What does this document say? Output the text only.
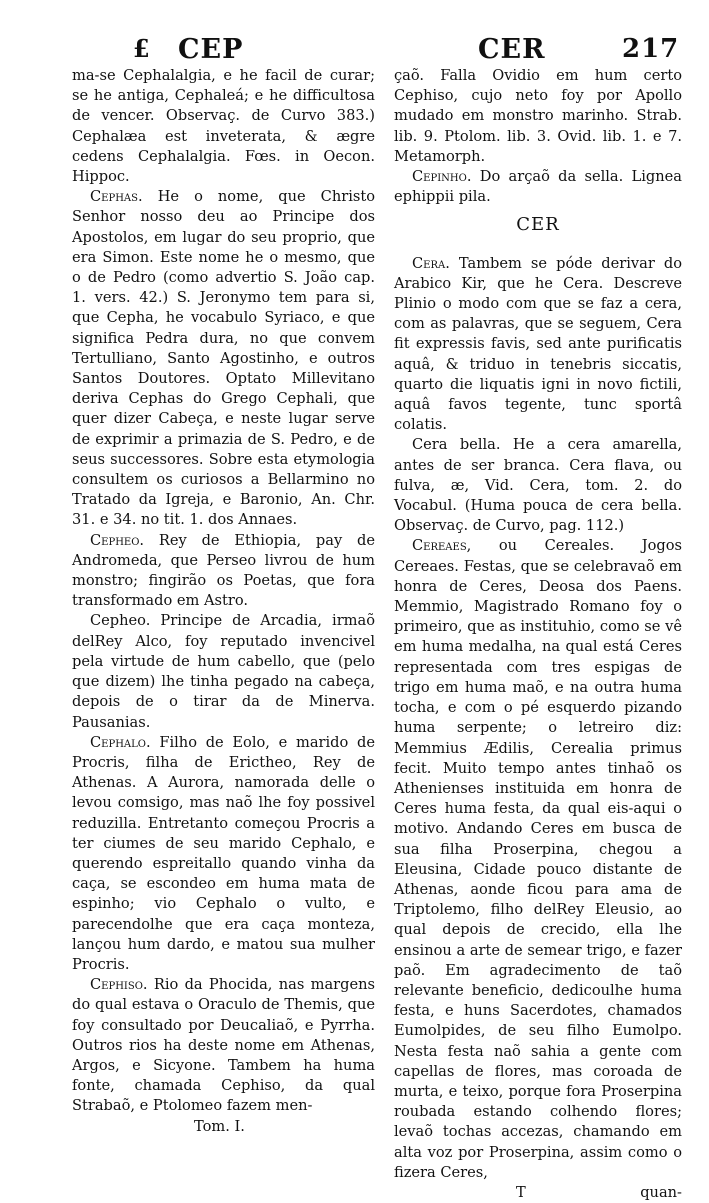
£ CEP	CER	217

ma-se Cephalalgia, e he facil de curar; se he antiga, Cephaleá; e he difficultosa de vencer. Observaç. de Curvo 383.) Cephalæa est inveterata, & ægre cedens Cephalalgia. Fœs. in Oecon. Hippoc.

Cephas. He o nome, que Christo Senhor nosso deu ao Principe dos Apostolos, em lugar do seu proprio, que era Simon. Este nome he o mesmo, que o de Pedro (como advertio S. João cap. 1. vers. 42.) S. Jeronymo tem para si, que Cepha, he vocabulo Syriaco, e que significa Pedra dura, no que convem Tertulliano, Santo Agostinho, e outros Santos Doutores. Optato Millevitano deriva Cephas do Grego Cephali, que quer dizer Cabeça, e neste lugar serve de exprimir a primazia de S. Pedro, e de seus successores. Sobre esta etymologia consultem os curiosos a Bellarmino no Tratado da Igreja, e Baronio, An. Chr. 31. e 34. no tit. 1. dos Annaes.

Cepheo. Rey de Ethiopia, pay de Andromeda, que Perseo livrou de hum monstro; fingirão os Poetas, que fora transformado em Astro.

Cepheo. Principe de Arcadia, irmaõ delRey Alco, foy reputado invencivel pela virtude de hum cabello, que (pelo que dizem) lhe tinha pegado na cabeça, depois de o tirar da de Minerva. Pausanias.

Cephalo. Filho de Eolo, e marido de Procris, filha de Erictheo, Rey de Athenas. A Aurora, namorada delle o levou comsigo, mas naõ lhe foy possivel reduzilla. Entretanto começou Procris a ter ciumes de seu marido Cephalo, e querendo espreitallo quando vinha da caça, se escondeo em huma mata de espinho; vio Cephalo o vulto, e parecendolhe que era caça monteza, lançou hum dardo, e matou sua mulher Procris.

Cephiso. Rio da Phocida, nas margens do qual estava o Oraculo de Themis, que foy consultado por Deucaliaõ, e Pyrrha. Outros rios ha deste nome em Athenas, Argos, e Sicyone. Tambem ha huma fonte, chamada Cephiso, da qual Strabaõ, e Ptolomeo fazem men-

Tom. I.

çaõ. Falla Ovidio em hum certo Cephiso, cujo neto foy por Apollo mudado em monstro marinho. Strab. lib. 9. Ptolom. lib. 3. Ovid. lib. 1. e 7. Metamorph.

Cepinho. Do arçaõ da sella. Lignea ephippii pila.

CER

Cera. Tambem se póde derivar do Arabico Kir, que he Cera. Descreve Plinio o modo com que se faz a cera, com as palavras, que se seguem, Cera fit expressis favis, sed ante purificatis aquâ, & triduo in tenebris siccatis, quarto die liquatis igni in novo fictili, aquâ favos tegente, tunc sportâ colatis.

Cera bella. He a cera amarella, antes de ser branca. Cera flava, ou fulva, æ, Vid. Cera, tom. 2. do Vocabul. (Huma pouca de cera bella. Observaç. de Curvo, pag. 112.)

Cereaes, ou Cereales. Jogos Cereaes. Festas, que se celebravaõ em honra de Ceres, Deosa dos Paens. Memmio, Magistrado Romano foy o primeiro, que as instituhio, como se vê em huma medalha, na qual está Ceres representada com tres espigas de trigo em huma maõ, e na outra huma tocha, e com o pé esquerdo pizando huma serpente; o letreiro diz: Memmius Ædilis, Cerealia primus fecit. Muito tempo antes tinhaõ os Athenienses instituida em honra de Ceres huma festa, da qual eis-aqui o motivo. Andando Ceres em busca de sua filha Proserpina, chegou a Eleusina, Cidade pouco distante de Athenas, aonde ficou para ama de Triptolemo, filho delRey Eleusio, ao qual depois de crecido, ella lhe ensinou a arte de semear trigo, e fazer paõ. Em agradecimento de taõ relevante beneficio, dedicoulhe huma festa, e huns Sacerdotes, chamados Eumolpides, de seu filho Eumolpo. Nesta festa naõ sahia a gente com capellas de flores, mas coroada de murta, e teixo, porque fora Proserpina roubada estando colhendo flores; levaõ tochas accezas, chamando em alta voz por Proserpina, assim como o fizera Ceres,

T	quan-
